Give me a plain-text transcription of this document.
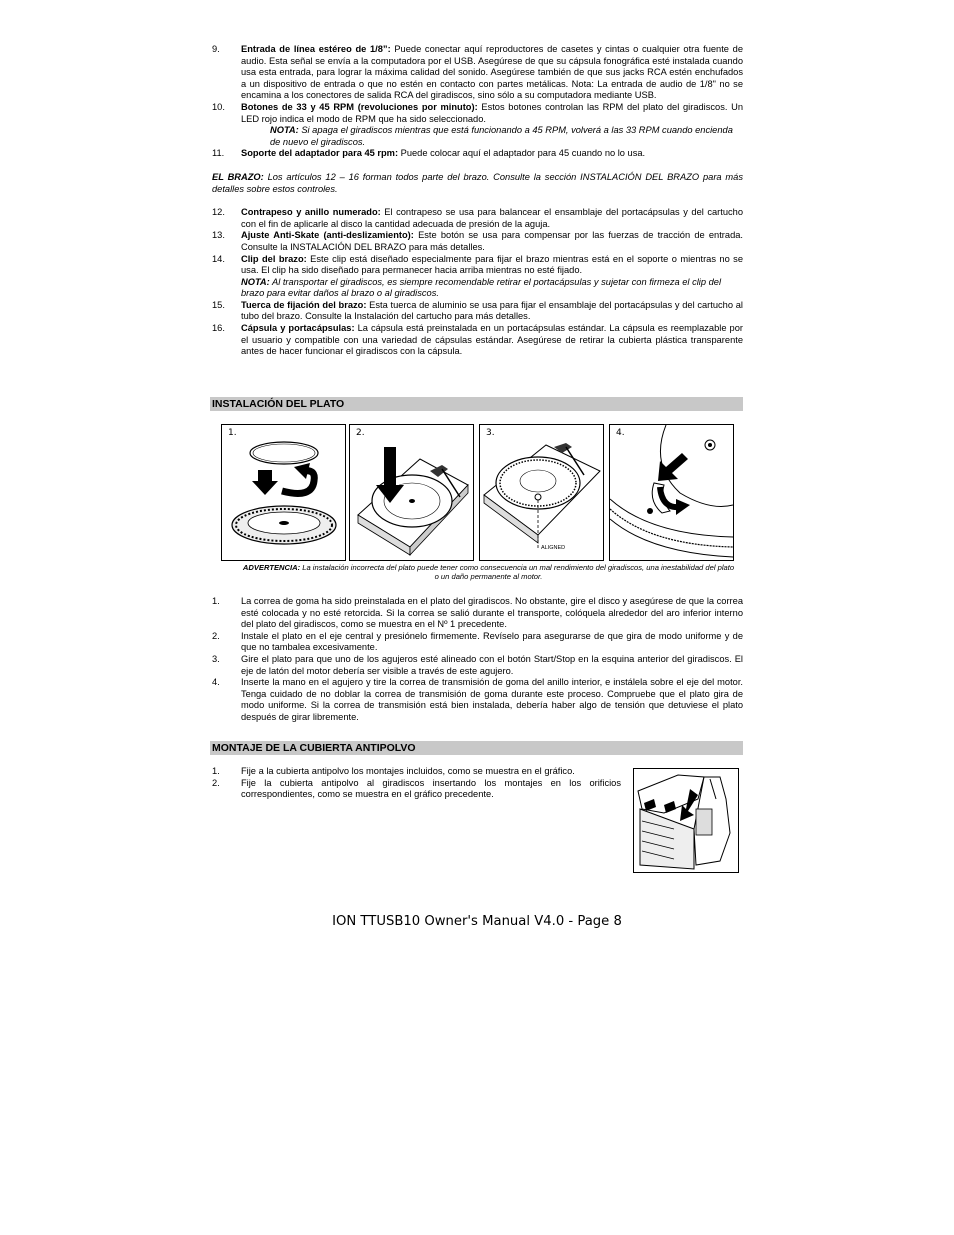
9. Entrada de línea estéreo de 1/8”: Puede conectar aquí reproductores de casetes y cintas o cualquier otra fuente de audio. Esta señal se envía a la computadora por el USB. Asegúrese de que su cápsula fonográfica esté instalada cuando usa esta entrada, para lograr la máxima calidad del sonido. Asegúrese también de que sus jacks RCA estén enchufados a un dispositivo de entrada o que no estén en contacto con partes metálicas. Nota: La entrada de audio de 1/8" no se encamina a los conectores de salida RCA del giradiscos, sino sólo a su computadora mediante USB.
10. Botones de 33 y 45 RPM (revoluciones por minuto): Estos botones controlan las RPM del plato del giradiscos. Un LED rojo indica el modo de RPM que ha sido seleccionado.
NOTA: Si apaga el giradiscos mientras que está funcionando a 45 RPM, volverá a las 33 RPM cuando encienda de nuevo el giradiscos.
11. Soporte del adaptador para 45 rpm: Puede colocar aquí el adaptador para 45 cuando no lo usa.
EL BRAZO: Los artículos 12 – 16 forman todos parte del brazo. Consulte la sección INSTALACIÓN DEL BRAZO para más detalles sobre estos controles.
12. Contrapeso y anillo numerado: El contrapeso se usa para balancear el ensamblaje del portacápsulas y del cartucho con el fin de aplicarle al disco la cantidad adecuada de presión de la aguja.
13. Ajuste Anti-Skate (anti-deslizamiento): Este botón se usa para compensar por las fuerzas de tracción de entrada. Consulte la INSTALACIÓN DEL BRAZO para más detalles.
14. Clip del brazo: Este clip está diseñado especialmente para fijar el brazo mientras está en el soporte o mientras no se usa. El clip ha sido diseñado para permanecer hacia arriba mientras no esté fijado.
NOTA: Al transportar el giradiscos, es siempre recomendable retirar el portacápsulas y sujetar con firmeza el clip del brazo para evitar daños al brazo o al giradiscos.
15. Tuerca de fijación del brazo: Esta tuerca de aluminio se usa para fijar el ensamblaje del portacápsulas y del cartucho al tubo del brazo. Consulte la Instalación del cartucho para más detalles.
16. Cápsula y portacápsulas: La cápsula está preinstalada en un portacápsulas estándar. La cápsula es reemplazable por el usuario y compatible con una variedad de cápsulas estándar. Asegúrese de retirar la cubierta plástica transparente antes de hacer funcionar el giradiscos con la cápsula.
INSTALACIÓN DEL PLATO
1.	2.	3.
ALIGNED
4.
ADVERTENCIA: La instalación incorrecta del plato puede tener como consecuencia un mal rendimiento del giradiscos, una inestabilidad del plato o un daño permanente al motor.
1. La correa de goma ha sido preinstalada en el plato del giradiscos. No obstante, gire el disco y asegúrese de que la correa esté colocada y no esté retorcida. Si la correa se salió durante el transporte, colóquela alrededor del aro inferior interno del plato del giradiscos, como se muestra en el Nº 1 precedente.
2. Instale el plato en el eje central y presiónelo firmemente. Revíselo para asegurarse de que gira de modo uniforme y de que no tambalea excesivamente.
3. Gire el plato para que uno de los agujeros esté alineado con el botón Start/Stop en la esquina anterior del giradiscos. El eje de latón del motor debería ser visible a través de este agujero.
4. Inserte la mano en el agujero y tire la correa de transmisión de goma del anillo interior, e instálela sobre el eje del motor. Tenga cuidado de no doblar la correa de transmisión de goma durante este proceso. Compruebe que el plato gira de modo uniforme. Si la correa de transmisión está bien instalada, debería haber algo de tensión que detuviese el plato después de girar libremente.
MONTAJE DE LA CUBIERTA ANTIPOLVO
1. Fije a la cubierta antipolvo los montajes incluidos, como se muestra en el gráfico.
2. Fije la cubierta antipolvo al giradiscos insertando los montajes en los orificios correspondientes, como se muestra en el gráfico precedente.
ION TTUSB10 Owner's Manual V4.0 - Page 8
